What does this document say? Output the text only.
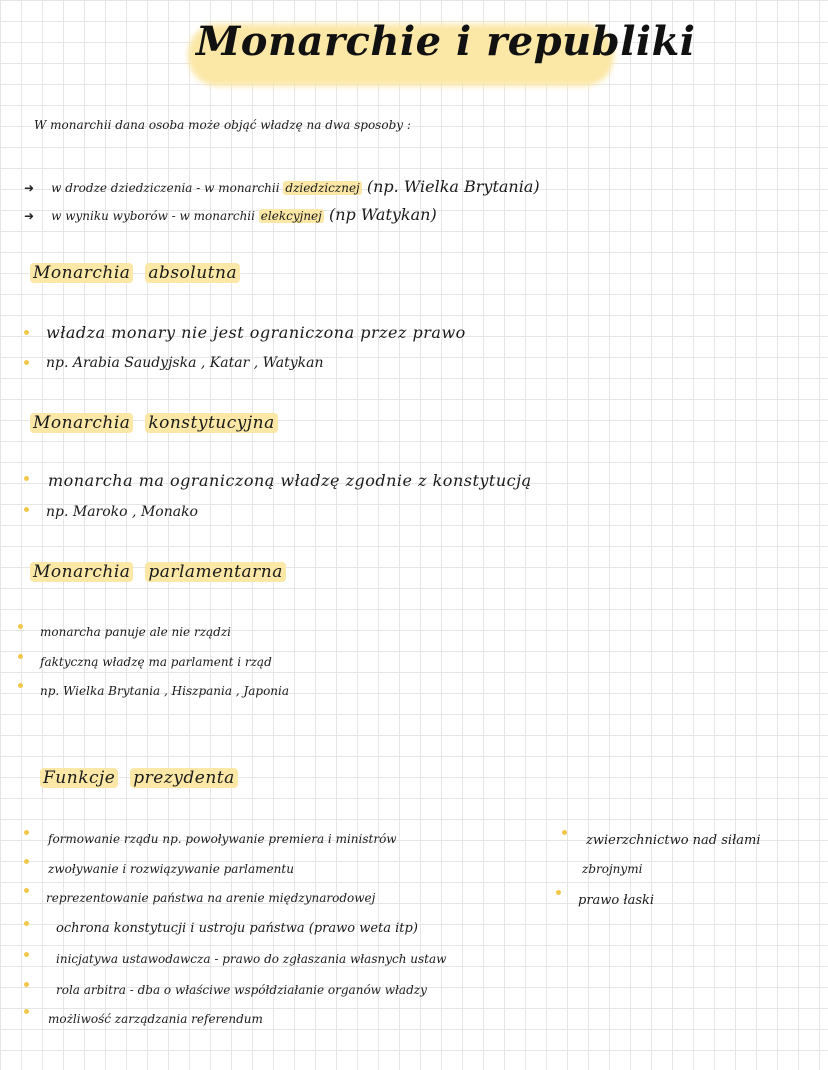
Monarchie i republiki
W monarchii dana osoba może objąć władzę na dwa sposoby :
➜ w drodze dziedziczenia - w monarchii dziedzicznej (np. Wielka Brytania)
➜ w wyniku wyborów - w monarchii elekcyjnej (np Watykan)
Monarchia absolutna
władza monary nie jest ograniczona przez prawo
np. Arabia Saudyjska , Katar , Watykan
Monarchia konstytucyjna
monarcha ma ograniczoną władzę zgodnie z konstytucją
np. Maroko , Monako
Monarchia parlamentarna
monarcha panuje ale nie rządzi
faktyczną władzę ma parlament i rząd
np. Wielka Brytania , Hiszpania , Japonia
Funkcje prezydenta
formowanie rządu np. powoływanie premiera i ministrów
zwoływanie i rozwiązywanie parlamentu
reprezentowanie państwa na arenie międzynarodowej
ochrona konstytucji i ustroju państwa (prawo weta itp)
inicjatywa ustawodawcza - prawo do zgłaszania własnych ustaw
rola arbitra - dba o właściwe współdziałanie organów władzy
możliwość zarządzania referendum
zwierzchnictwo nad siłami
zbrojnymi
prawo łaski
